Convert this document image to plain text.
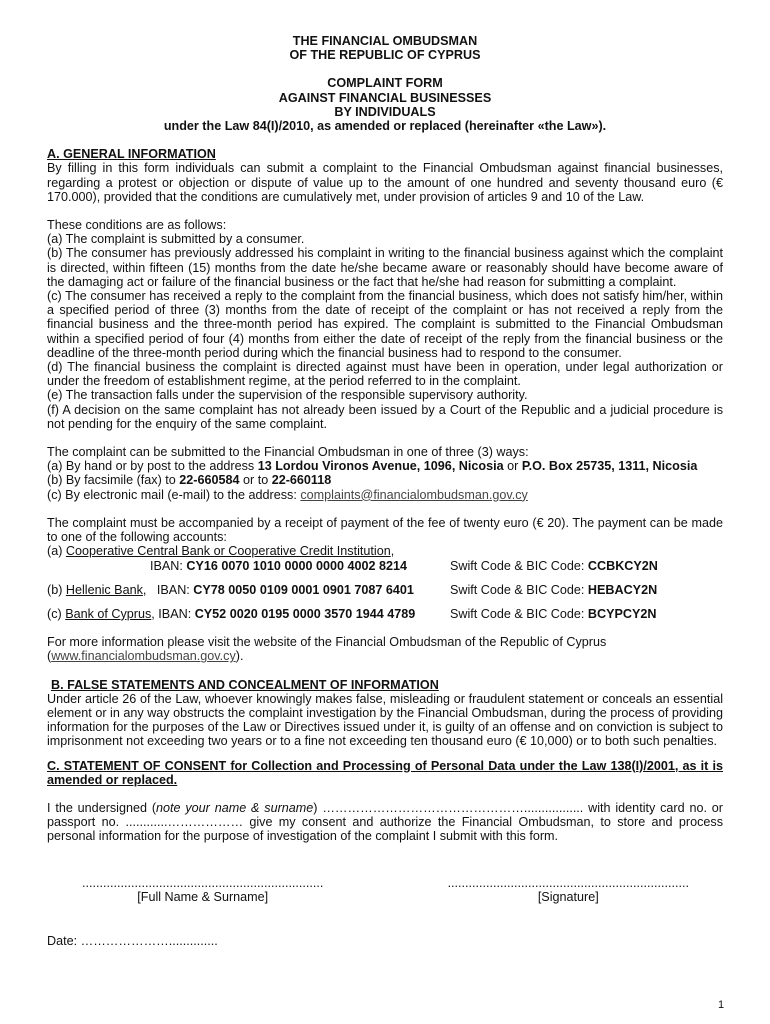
THE FINANCIAL OMBUDSMAN
OF THE REPUBLIC OF CYPRUS
COMPLAINT FORM
AGAINST FINANCIAL BUSINESSES
BY INDIVIDUALS
under the Law 84(I)/2010, as amended or replaced (hereinafter «the Law»).
A. GENERAL INFORMATION

By filling in this form individuals can submit a complaint to the Financial Ombudsman against financial businesses, regarding a protest or objection or dispute of value up to the amount of one hundred and seventy thousand euro (€ 170.000), provided that the conditions are cumulatively met, under provision of articles 9 and 10 of the Law.

These conditions are as follows:

(a) The complaint is submitted by a consumer.

(b) The consumer has previously addressed his complaint in writing to the financial business against which the complaint is directed, within fifteen (15) months from the date he/she became aware or reasonably should have become aware of the damaging act or failure of the financial business or the fact that he/she had reason for submitting a complaint.

(c) The consumer has received a reply to the complaint from the financial business, which does not satisfy him/her, within a specified period of three (3) months from the date of receipt of the complaint or has not received a reply from the financial business and the three-month period has expired. The complaint is submitted to the Financial Ombudsman within a specified period of four (4) months from either the date of receipt of the reply from the financial business or the deadline of the three-month period during which the financial business had to respond to the consumer.

(d) The financial business the complaint is directed against must have been in operation, under legal authorization or under the freedom of establishment regime, at the period referred to in the complaint.

(e) The transaction falls under the supervision of the responsible supervisory authority.

(f) A decision on the same complaint has not already been issued by a Court of the Republic and a judicial procedure is not pending for the enquiry of the same complaint.

The complaint can be submitted to the Financial Ombudsman in one of three (3) ways:

(a) By hand or by post to the address 13 Lordou Vironos Avenue, 1096, Nicosia or P.O. Box 25735, 1311, Nicosia

(b) By facsimile (fax) to 22-660584 or to 22-660118

(c) By electronic mail (e-mail) to the address: complaints@financialombudsman.gov.cy

The complaint must be accompanied by a receipt of payment of the fee of twenty euro (€ 20). The payment can be made to one of the following accounts:

(a) Cooperative Central Bank or Cooperative Credit Institution,

IBAN: CY16 0070 1010 0000 0000 4002 8214	Swift Code & BIC Code: CCBKCY2N
(b) Hellenic Bank,   IBAN: CY78 0050 0109 0001 0901 7087 6401	Swift Code & BIC Code: HEBACY2N
(c) Bank of Cyprus, IBAN: CY52 0020 0195 0000 3570 1944 4789	Swift Code & BIC Code: BCYPCY2N

For more information please visit the website of the Financial Ombudsman of the Republic of Cyprus

(www.financialombudsman.gov.cy).

B. FALSE STATEMENTS AND CONCEALMENT OF INFORMATION

Under article 26 of the Law, whoever knowingly makes false, misleading or fraudulent statement or conceals an essential element or in any way obstructs the complaint investigation by the Financial Ombudsman, during the process of providing information for the purposes of the Law or Directives issued under it, is guilty of an offense and on conviction is subject to imprisonment not exceeding two years or to a fine not exceeding ten thousand euro (€ 10,000) or to both such penalties.

C. STATEMENT OF CONSENT for Collection and Processing of Personal Data under the Law 138(I)/2001, as it is amended or replaced.

I the undersigned (note your name & surname) …………………………………………................. with identity card no. or passport no. ............……………… give my consent and authorize the Financial Ombudsman, to store and process personal information for the purpose of investigation of the complaint I submit with this form.

.....................................................................
[Full Name & Surname]
.....................................................................
[Signature]

Date: …………………..............

1
